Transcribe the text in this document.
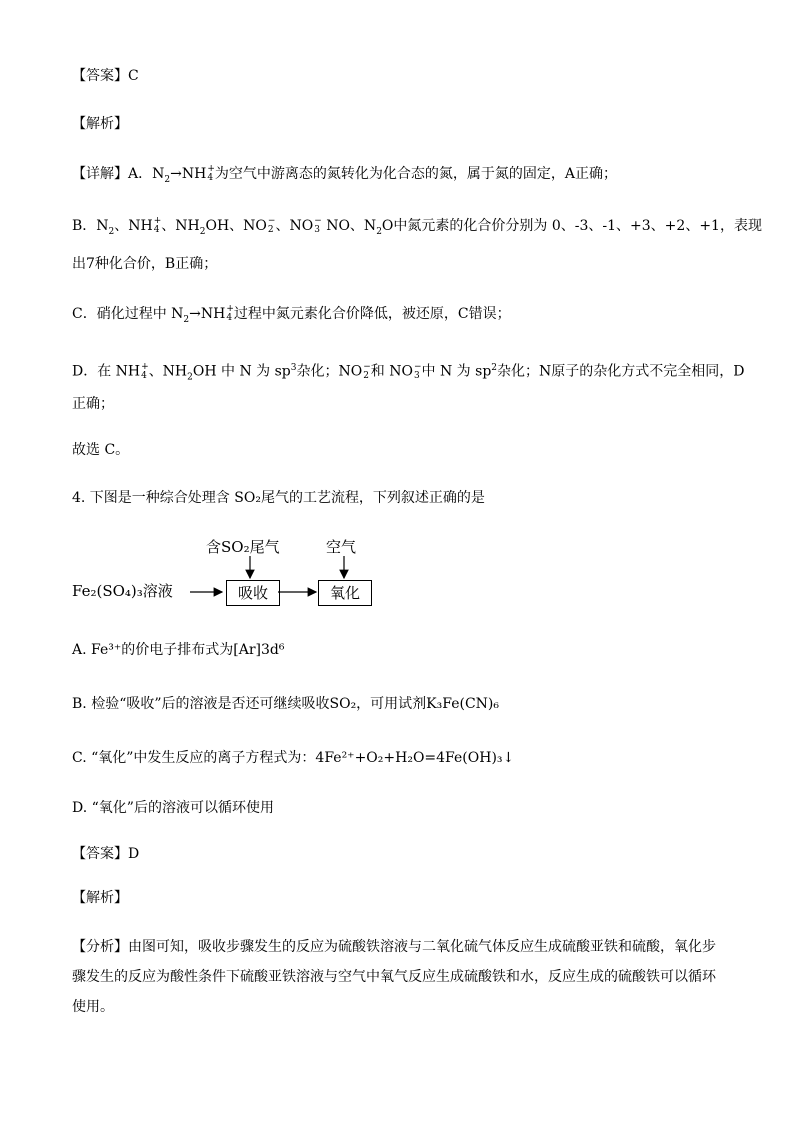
【答案】C
【解析】
【详解】A．$N_2\to NH$ +
4 为空气中游离态的氮转化为化合态的氮，属于氮的固定，A正确；
B．$N_2$、NH +
4 、$NH_2OH$、NO −
2 、NO −
3 NO、$N_2O$中氮元素的化合价分别为 0、-3、-1、+3、+2、+1，表现
出7种化合价，B正确；
C．硝化过程中 $N_2\to NH$ +
4 过程中氮元素化合价降低，被还原，C错误；
D．在 NH +
4 、$NH_2OH$ 中 N 为 $sp^3$杂化；NO −
2 和 NO −
3 中 N 为 $sp^2$杂化；N原子的杂化方式不完全相同，D
正确；
故选 C。
4. 下图是一种综合处理含 SO₂尾气的工艺流程，下列叙述正确的是
Fe₂(SO₄)₃溶液
含SO₂尾气	空气
吸收	氧化
A. Fe³⁺的价电子排布式为[Ar]3d⁶
B. 检验“吸收”后的溶液是否还可继续吸收SO₂，可用试剂K₃Fe(CN)₆
C. “氧化”中发生反应的离子方程式为：4Fe²⁺+O₂+H₂O=4Fe(OH)₃↓
D. “氧化”后的溶液可以循环使用
【答案】D
【解析】
【分析】由图可知，吸收步骤发生的反应为硫酸铁溶液与二氧化硫气体反应生成硫酸亚铁和硫酸，氧化步骤发生的反应为酸性条件下硫酸亚铁溶液与空气中氧气反应生成硫酸铁和水，反应生成的硫酸铁可以循环使用。
